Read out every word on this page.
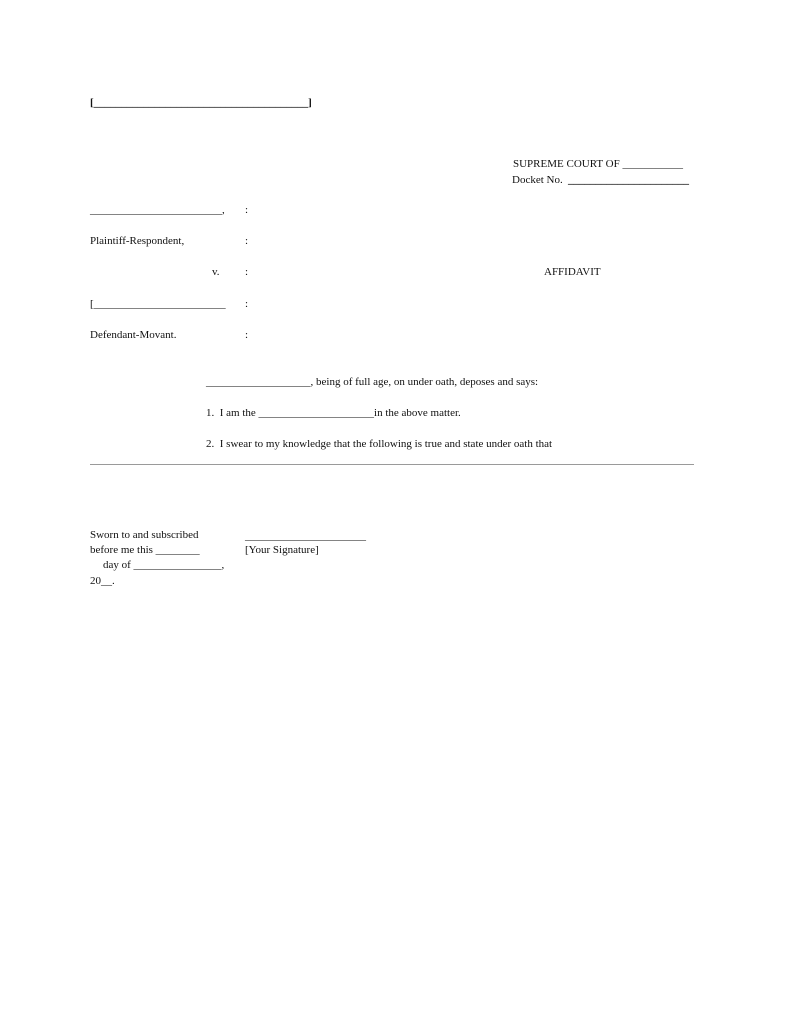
[_______________________________________]
SUPREME COURT OF ___________
Docket No. ______________________
________________________, :
Plaintiff-Respondent,	:
v. :	AFFIDAVIT
[________________________ :
Defendant-Movant.	:
___________________, being of full age, on under oath, deposes and says:
1.  I am the _____________________in the above matter.
2.  I swear to my knowledge that the following is true and state under oath that
Sworn to and subscribed
before me this ________
day of ________________,
20__.
______________________
[Your Signature]
